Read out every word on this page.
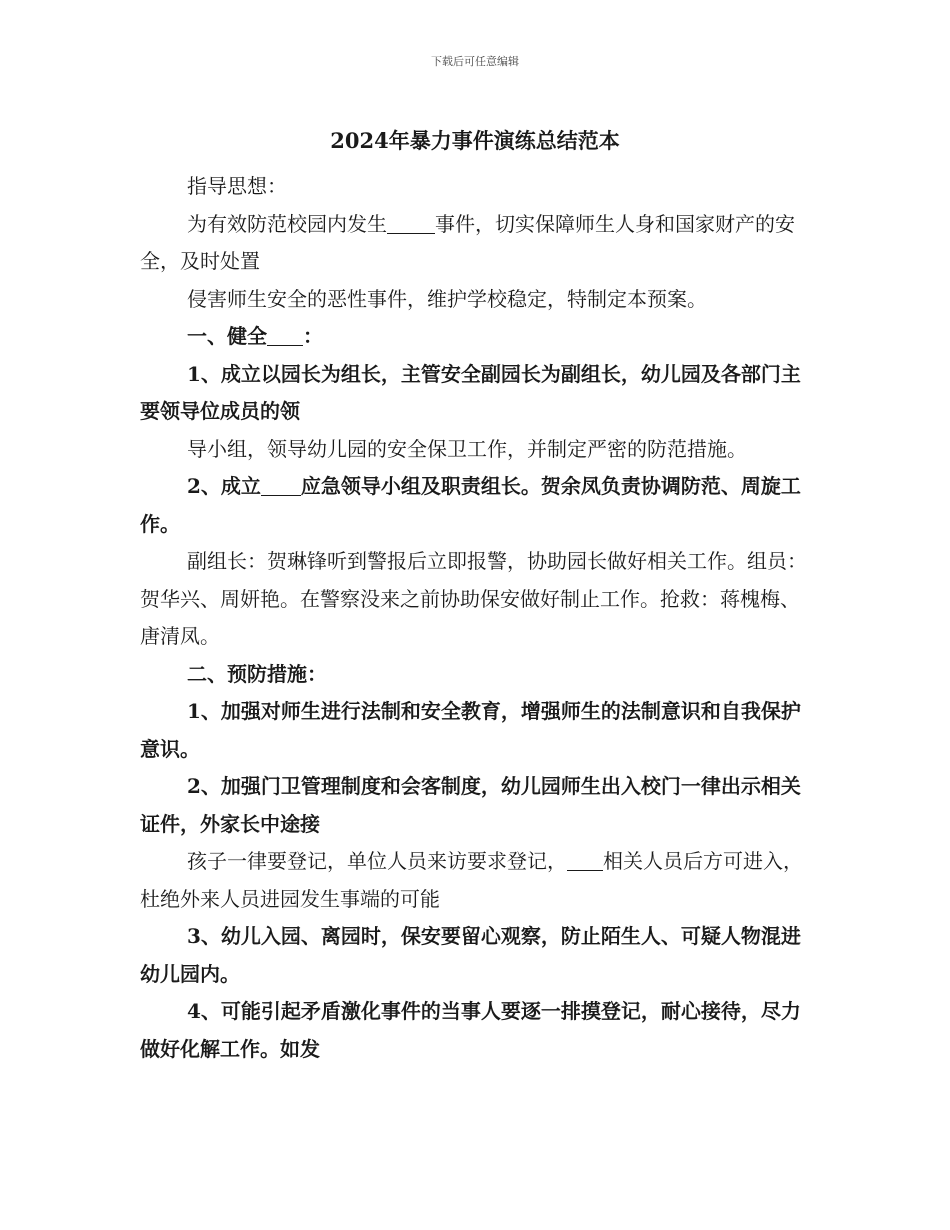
下载后可任意编辑
2024年暴力事件演练总结范本

指导思想：

为有效防范校园内发生 事件，切实保障师生人身和国家财产的安全，及时处置

侵害师生安全的恶性事件，维护学校稳定，特制定本预案。

一、健全 ：

1、成立以园长为组长，主管安全副园长为副组长，幼儿园及各部门主要领导位成员的领

导小组，领导幼儿园的安全保卫工作，并制定严密的防范措施。

2、成立 应急领导小组及职责组长。贺余凤负责协调防范、周旋工作。

副组长：贺琳锋听到警报后立即报警，协助园长做好相关工作。组员：贺华兴、周妍艳。在警察没来之前协助保安做好制止工作。抢救：蒋槐梅、唐清凤。

二、预防措施：

1、加强对师生进行法制和安全教育，增强师生的法制意识和自我保护意识。

2、加强门卫管理制度和会客制度，幼儿园师生出入校门一律出示相关证件，外家长中途接

孩子一律要登记，单位人员来访要求登记， 相关人员后方可进入，杜绝外来人员进园发生事端的可能

3、幼儿入园、离园时，保安要留心观察，防止陌生人、可疑人物混进幼儿园内。

4、可能引起矛盾激化事件的当事人要逐一排摸登记，耐心接待，尽力做好化解工作。如发
